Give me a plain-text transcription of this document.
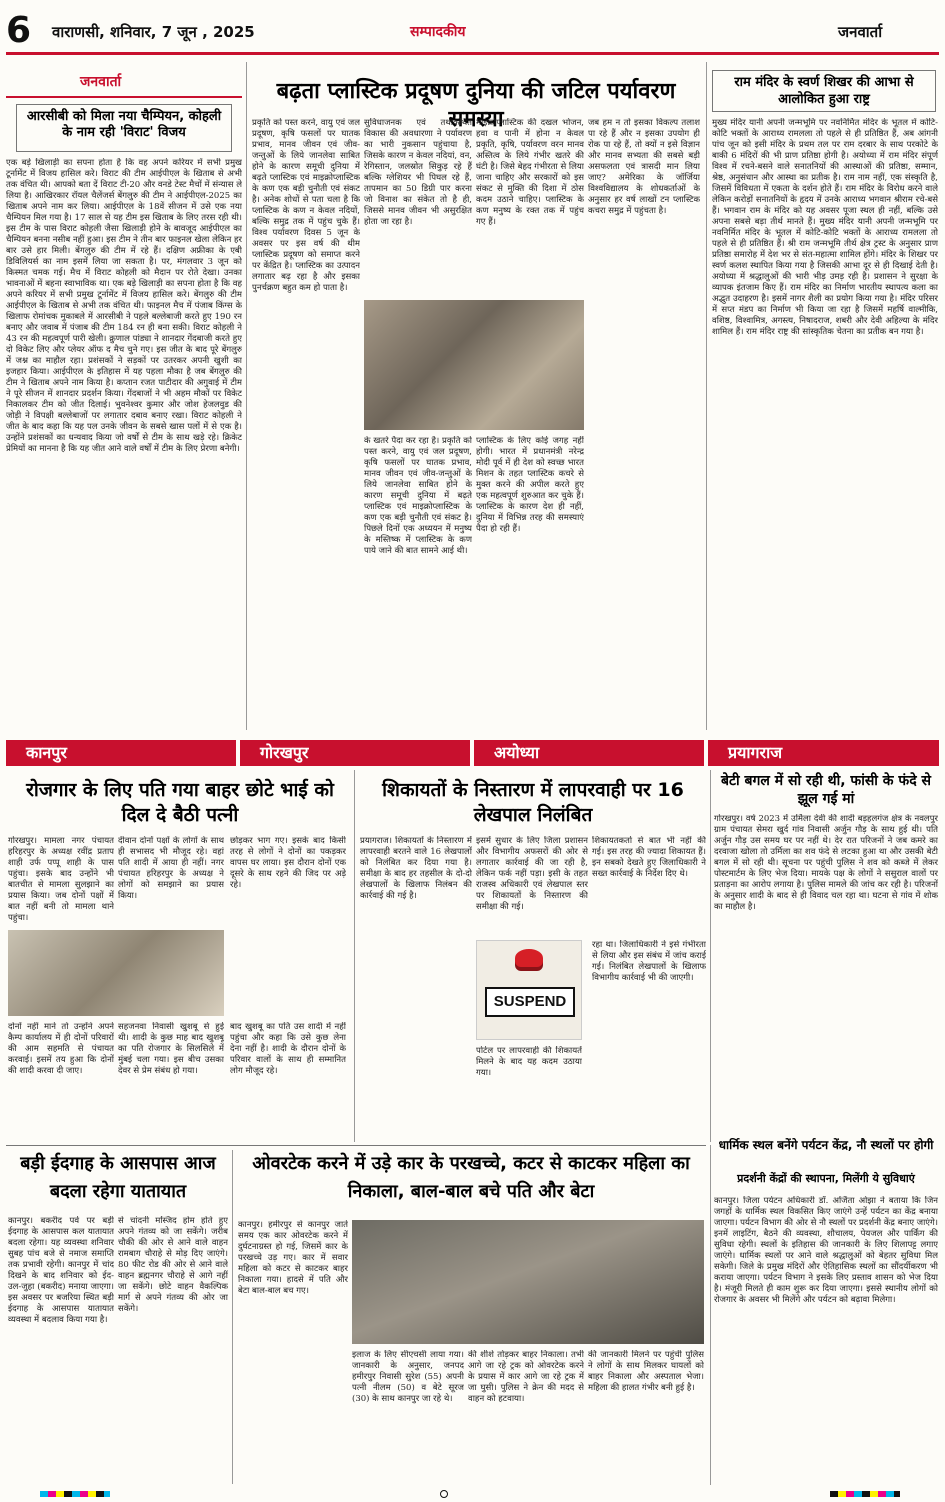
6 वाराणसी, शनिवार, 7 जून , 2025	सम्पादकीय	जनवार्ता
जनवार्ता
आरसीबी को मिला नया चैम्पियन, कोहली के नाम रही 'विराट' विजय
एक बड़े खिलाड़ी का सपना होता है कि वह अपने करियर में सभी प्रमुख टूर्नामेंट में विजय हासिल करे। विराट की टीम आईपीएल के खिताब से अभी तक वंचित थी। आपको बता दें विराट टी-20 और वनडे टेस्ट मैचों में संन्यास ले लिया है। आखिरकार रॉयल चैलेंजर्स बेंगलुरु की टीम ने आईपीएल-2025 का खिताब अपने नाम कर लिया। आईपीएल के 18वें सीजन में उसे एक नया चैम्पियन मिल गया है। 17 साल से यह टीम इस खिताब के लिए तरस रही थी। इस टीम के पास विराट कोहली जैसा खिलाड़ी होने के बावजूद आईपीएल का चैम्पियन बनना नसीब नहीं हुआ। इस टीम ने तीन बार फाइनल खेला लेकिन हर बार उसे हार मिली। बेंगलुरु की टीम में रहे हैं। दक्षिण अफ्रीका के एबी डिविलियर्स का नाम इसमें लिया जा सकता है। पर, मंगलवार 3 जून को किस्मत चमक गई। मैच में विराट कोहली को मैदान पर रोते देखा। उनका भावनाओं में बहना स्वाभाविक था। एक बड़े खिलाड़ी का सपना होता है कि वह अपने करियर में सभी प्रमुख टूर्नामेंट में विजय हासिल करे। बेंगलुरु की टीम आईपीएल के खिताब से अभी तक वंचित थी। फाइनल मैच में पंजाब किंग्स के खिलाफ रोमांचक मुकाबले में आरसीबी ने पहले बल्लेबाजी करते हुए 190 रन बनाए और जवाब में पंजाब की टीम 184 रन ही बना सकी। विराट कोहली ने 43 रन की महत्वपूर्ण पारी खेली। क्रुणाल पांड्या ने शानदार गेंदबाजी करते हुए दो विकेट लिए और प्लेयर ऑफ द मैच चुने गए। इस जीत के बाद पूरे बेंगलुरु में जश्न का माहौल रहा। प्रशंसकों ने सड़कों पर उतरकर अपनी खुशी का इजहार किया। आईपीएल के इतिहास में यह पहला मौका है जब बेंगलुरु की टीम ने खिताब अपने नाम किया है। कप्तान रजत पाटीदार की अगुवाई में टीम ने पूरे सीजन में शानदार प्रदर्शन किया। गेंदबाजों ने भी अहम मौकों पर विकेट निकालकर टीम को जीत दिलाई। भुवनेश्वर कुमार और जोश हेजलवुड की जोड़ी ने विपक्षी बल्लेबाजों पर लगातार दबाव बनाए रखा। विराट कोहली ने जीत के बाद कहा कि यह पल उनके जीवन के सबसे खास पलों में से एक है। उन्होंने प्रशंसकों का धन्यवाद किया जो वर्षों से टीम के साथ खड़े रहे। क्रिकेट प्रेमियों का मानना है कि यह जीत आने वाले वर्षों में टीम के लिए प्रेरणा बनेगी।
बढ़ता प्लास्टिक प्रदूषण दुनिया की जटिल पर्यावरण समस्या
प्रकृति को पस्त करने, वायु एवं जल प्रदूषण, कृषि फसलों पर घातक प्रभाव, मानव जीवन एवं जीव-जन्तुओं के लिये जानलेवा साबित होने के कारण समूची दुनिया में बढ़ते प्लास्टिक एवं माइक्रोप्लास्टिक के कण एक बड़ी चुनौती एवं संकट है। अनेक शोधों से पता चला है कि प्लास्टिक के कण न केवल नदियों, बल्कि समुद्र तक में पहुंच चुके हैं। विश्व पर्यावरण दिवस 5 जून के अवसर पर इस वर्ष की थीम प्लास्टिक प्रदूषण को समाप्त करने पर केंद्रित है। प्लास्टिक का उत्पादन लगातार बढ़ रहा है और इसका पुनर्चक्रण बहुत कम हो पाता है।
सुविधाजनक एवं तथाकथित विकास की अवधारणा ने पर्यावरण का भारी नुकसान पहुंचाया है, जिसके कारण न केवल नदियां, वन, रेगिस्तान, जलस्रोत सिकुड़ रहे हैं बल्कि ग्लेशियर भी पिघल रहे हैं, तापमान का 50 डिग्री पार करना जो विनाश का संकेत तो है ही, जिससे मानव जीवन भी असुरक्षित होता जा रहा है।
माइक्रोप्लास्टिक की दखल भोजन, हवा व पानी में होना न केवल प्रकृति, कृषि, पर्यावरण वरन मानव अस्तित्व के लिये गंभीर खतरे की घंटी है। जिसे बेहद गंभीरता से लिया जाना चाहिए और सरकारों को इस संकट से मुक्ति की दिशा में ठोस कदम उठाने चाहिए। प्लास्टिक के कण मनुष्य के रक्त तक में पहुंच गए हैं।
जब हम न तो इसका विकल्प तलाश पा रहे हैं और न इसका उपयोग ही रोक पा रहे हैं, तो क्यों न इसे विज्ञान और मानव सभ्यता की सबसे बड़ी असफलता एवं त्रासदी मान लिया जाए? अमेरिका के जॉर्जिया विश्वविद्यालय के शोधकर्ताओं के अनुसार हर वर्ष लाखों टन प्लास्टिक कचरा समुद्र में पहुंचता है।
के खतरे पैदा कर रहा है। प्रकृति को पस्त करने, वायु एवं जल प्रदूषण, कृषि फसलों पर घातक प्रभाव, मानव जीवन एवं जीव-जन्तुओं के लिये जानलेवा साबित होने के कारण समूची दुनिया में बढ़ते प्लास्टिक एवं माइक्रोप्लास्टिक के कण एक बड़ी चुनौती एवं संकट है। पिछले दिनों एक अध्ययन में मनुष्य के मस्तिष्क में प्लास्टिक के कण पाये जाने की बात सामने आई थी।
प्लास्टिक के लिए कोई जगह नहीं होगी। भारत में प्रधानमंत्री नरेन्द्र मोदी पूर्व में ही देश को स्वच्छ भारत मिशन के तहत प्लास्टिक कचरे से मुक्त करने की अपील करते हुए एक महत्वपूर्ण शुरुआत कर चुके हैं। प्लास्टिक के कारण देश ही नहीं, दुनिया में विभिन्न तरह की समस्याएं पैदा हो रही हैं।
राम मंदिर के स्वर्ण शिखर की आभा से आलोकित हुआ राष्ट्र
मुख्य मंदिर यानी अपनी जन्मभूमि पर नवनिर्मित मंदिर के भूतल में कोटि-कोटि भक्तों के आराध्य रामलला तो पहले से ही प्रतिष्ठित हैं, अब आंगनी पांच जून को इसी मंदिर के प्रथम तल पर राम दरबार के साथ परकोटे के बाकी 6 मंदिरों की भी प्राण प्रतिष्ठा होगी है। अयोध्या में राम मंदिर संपूर्ण विश्व में रचने-बसने वाले सनातनियों की आस्थाओं की प्रतिष्ठा, सम्मान, श्रेष्ठ, अनुसंधान और आस्था का प्रतीक है। राम नाम नहीं, एक संस्कृति है, जिसमें विविधता में एकता के दर्शन होते हैं। राम मंदिर के विरोध करने वाले लेकिन करोड़ों सनातनियों के हृदय में उनके आराध्य भगवान श्रीराम रचे-बसे हैं। भगवान राम के मंदिर को यह अवसर पूजा स्थल ही नहीं, बल्कि उसे अपना सबसे बड़ा तीर्थ मानते हैं। मुख्य मंदिर यानी अपनी जन्मभूमि पर नवनिर्मित मंदिर के भूतल में कोटि-कोटि भक्तों के आराध्य रामलला तो पहले से ही प्रतिष्ठित हैं। श्री राम जन्मभूमि तीर्थ क्षेत्र ट्रस्ट के अनुसार प्राण प्रतिष्ठा समारोह में देश भर से संत-महात्मा शामिल होंगे। मंदिर के शिखर पर स्वर्ण कलश स्थापित किया गया है जिसकी आभा दूर से ही दिखाई देती है। अयोध्या में श्रद्धालुओं की भारी भीड़ उमड़ रही है। प्रशासन ने सुरक्षा के व्यापक इंतजाम किए हैं। राम मंदिर का निर्माण भारतीय स्थापत्य कला का अद्भुत उदाहरण है। इसमें नागर शैली का प्रयोग किया गया है। मंदिर परिसर में सप्त मंडप का निर्माण भी किया जा रहा है जिसमें महर्षि वाल्मीकि, वशिष्ठ, विश्वामित्र, अगस्त्य, निषादराज, शबरी और देवी अहिल्या के मंदिर शामिल हैं। राम मंदिर राष्ट्र की सांस्कृतिक चेतना का प्रतीक बन गया है।
कानपुर	गोरखपुर	अयोध्या	प्रयागराज
रोजगार के लिए पति गया बाहर छोटे भाई को दिल दे बैठी पत्नी
गोरखपुर। मामला नगर पंचायत हरिहरपुर के अध्यक्ष रवींद्र प्रताप शाही उर्फ पप्पू शाही के पास पहुंचा। इसके बाद उन्होंने भी बातचीत से मामला सुलझाने का प्रयास किया। जब दोनों पक्षों में बात नहीं बनी तो मामला थाने पहुंचा।
दीवान दोनों पक्षों के लोगों के साथ ही सभासद भी मौजूद रहे। वहां पति शादी में आया ही नहीं। नगर पंचायत हरिहरपुर के अध्यक्ष ने लोगों को समझाने का प्रयास किया।
छोड़कर भाग गए। इसके बाद किसी तरह से लोगों ने दोनों का पकड़कर वापस घर लाया। इस दौरान दोनों एक दूसरे के साथ रहने की जिद पर अड़े रहे।
दोनों नहीं माने तो उन्होंने अपने कैम्प कार्यालय में ही दोनों परिवारों की आम सहमति से पंचायत करवाई। इसमें तय हुआ कि दोनों की शादी करवा दी जाए।
सहजनवा निवासी खुशबू से हुई थी। शादी के कुछ माह बाद खुशबू का पति रोजगार के सिलसिले में मुंबई चला गया। इस बीच उसका देवर से प्रेम संबंध हो गया।
बाद खुशबू का पति उस शादी में नहीं पहुंचा और कहा कि उसे कुछ लेना देना नहीं है। शादी के दौरान दोनों के परिवार वालों के साथ ही सम्मानित लोग मौजूद रहे।
शिकायतों के निस्तारण में लापरवाही पर 16 लेखपाल निलंबित
प्रयागराज। शिकायतों के निस्तारण में लापरवाही बरतने वाले 16 लेखपालों को निलंबित कर दिया गया है। समीक्षा के बाद हर तहसील के दो-दो लेखपालों के खिलाफ निलंबन की कार्रवाई की गई है।
इसमें सुधार के लिए जिला प्रशासन और विभागीय अफसरों की ओर से लगातार कार्रवाई की जा रही है, लेकिन फर्क नहीं पड़ा। इसी के तहत राजस्व अधिकारी एवं लेखपाल स्तर पर शिकायतों के निस्तारण की समीक्षा की गई।
शिकायतकर्ता से बात भी नहीं की गई। इस तरह की ज्यादा शिकायत हैं। इन सबको देखते हुए जिलाधिकारी ने सख्त कार्रवाई के निर्देश दिए थे।
SUSPEND
रहा था। जिलाधिकारी ने इसे गंभीरता से लिया और इस संबंध में जांच कराई गई। निलंबित लेखपालों के खिलाफ विभागीय कार्रवाई भी की जाएगी।
पोर्टल पर लापरवाही की शिकायतें मिलने के बाद यह कदम उठाया गया।
बेटी बगल में सो रही थी, फांसी के फंदे से झूल गई मां
गोरखपुर। वर्ष 2023 में उर्मिला देवी की शादी बड़हलगंज क्षेत्र के नवलपुर ग्राम पंचायत सेमरा खुर्द गांव निवासी अर्जुन गौड़ के साथ हुई थी। पति अर्जुन गौड़ उस समय घर पर नहीं थे। देर रात परिजनों ने जब कमरे का दरवाजा खोला तो उर्मिला का शव फंदे से लटका हुआ था और उसकी बेटी बगल में सो रही थी। सूचना पर पहुंची पुलिस ने शव को कब्जे में लेकर पोस्टमार्टम के लिए भेज दिया। मायके पक्ष के लोगों ने ससुराल वालों पर प्रताड़ना का आरोप लगाया है। पुलिस मामले की जांच कर रही है। परिजनों के अनुसार शादी के बाद से ही विवाद चल रहा था। घटना से गांव में शोक का माहौल है।
धार्मिक स्थल बनेंगे पर्यटन केंद्र, नौ स्थलों पर होगी
प्रदर्शनी केंद्रों की स्थापना, मिलेंगी ये सुविधाएं
कानपुर। जिला पर्यटन अधिकारी डॉ. अर्जिता ओझा ने बताया कि जिन जगहों के धार्मिक स्थल विकसित किए जाएंगे उन्हें पर्यटन का केंद्र बनाया जाएगा। पर्यटन विभाग की ओर से नौ स्थलों पर प्रदर्शनी केंद्र बनाए जाएंगे। इनमें लाइटिंग, बैठने की व्यवस्था, शौचालय, पेयजल और पार्किंग की सुविधा रहेगी। स्थलों के इतिहास की जानकारी के लिए शिलापट्ट लगाए जाएंगे। धार्मिक स्थलों पर आने वाले श्रद्धालुओं को बेहतर सुविधा मिल सकेगी। जिले के प्रमुख मंदिरों और ऐतिहासिक स्थलों का सौंदर्यीकरण भी कराया जाएगा। पर्यटन विभाग ने इसके लिए प्रस्ताव शासन को भेज दिया है। मंजूरी मिलते ही काम शुरू कर दिया जाएगा। इससे स्थानीय लोगों को रोजगार के अवसर भी मिलेंगे और पर्यटन को बढ़ावा मिलेगा।
बड़ी ईदगाह के आसपास आज बदला रहेगा यातायात
कानपुर। बकरीद पर्व पर बड़ी ईदगाह के आसपास कल यातायात बदला रहेगा। यह व्यवस्था शनिवार सुबह पांच बजे से नमाज समाप्ति तक प्रभावी रहेगी। कानपुर में चांद दिखने के बाद शनिवार को ईद-उल-जुहा (बकरीद) मनाया जाएगा। इस अवसर पर बजरिया स्थित बड़ी ईदगाह के आसपास यातायात व्यवस्था में बदलाव किया गया है।
से चांदनी मस्जिद होम होते हुए अपने गंतव्य को जा सकेंगे। जरीब चौकी की ओर से आने वाले वाहन रामबाग चौराहे से मोड़ दिए जाएंगे। 80 फीट रोड की ओर से आने वाले वाहन ब्रह्मनगर चौराहे से आगे नहीं जा सकेंगे। छोटे वाहन वैकल्पिक मार्ग से अपने गंतव्य की ओर जा सकेंगे।
ओवरटेक करने में उड़े कार के परखच्चे, कटर से काटकर महिला का निकाला, बाल-बाल बचे पति और बेटा
कानपुर। हमीरपुर से कानपुर जाते समय एक कार ओवरटेक करने में दुर्घटनाग्रस्त हो गई, जिसमें कार के परखच्चे उड़ गए। कार में सवार महिला को कटर से काटकर बाहर निकाला गया। हादसे में पति और बेटा बाल-बाल बच गए।
इलाज के लिए सीएचसी लाया गया। जानकारी के अनुसार, जनपद हमीरपुर निवासी सुरेश (55) अपनी पत्नी नीलम (50) व बेटे सूरज (30) के साथ कानपुर जा रहे थे।
की शीशे तोड़कर बाहर निकाला। तभी आगे जा रहे ट्रक को ओवरटेक करने के प्रयास में कार आगे जा रहे ट्रक में जा घुसी। पुलिस ने क्रेन की मदद से वाहन को हटवाया।
की जानकारी मिलने पर पहुंची पुलिस ने लोगों के साथ मिलकर घायलों को बाहर निकाला और अस्पताल भेजा। महिला की हालत गंभीर बनी हुई है।
